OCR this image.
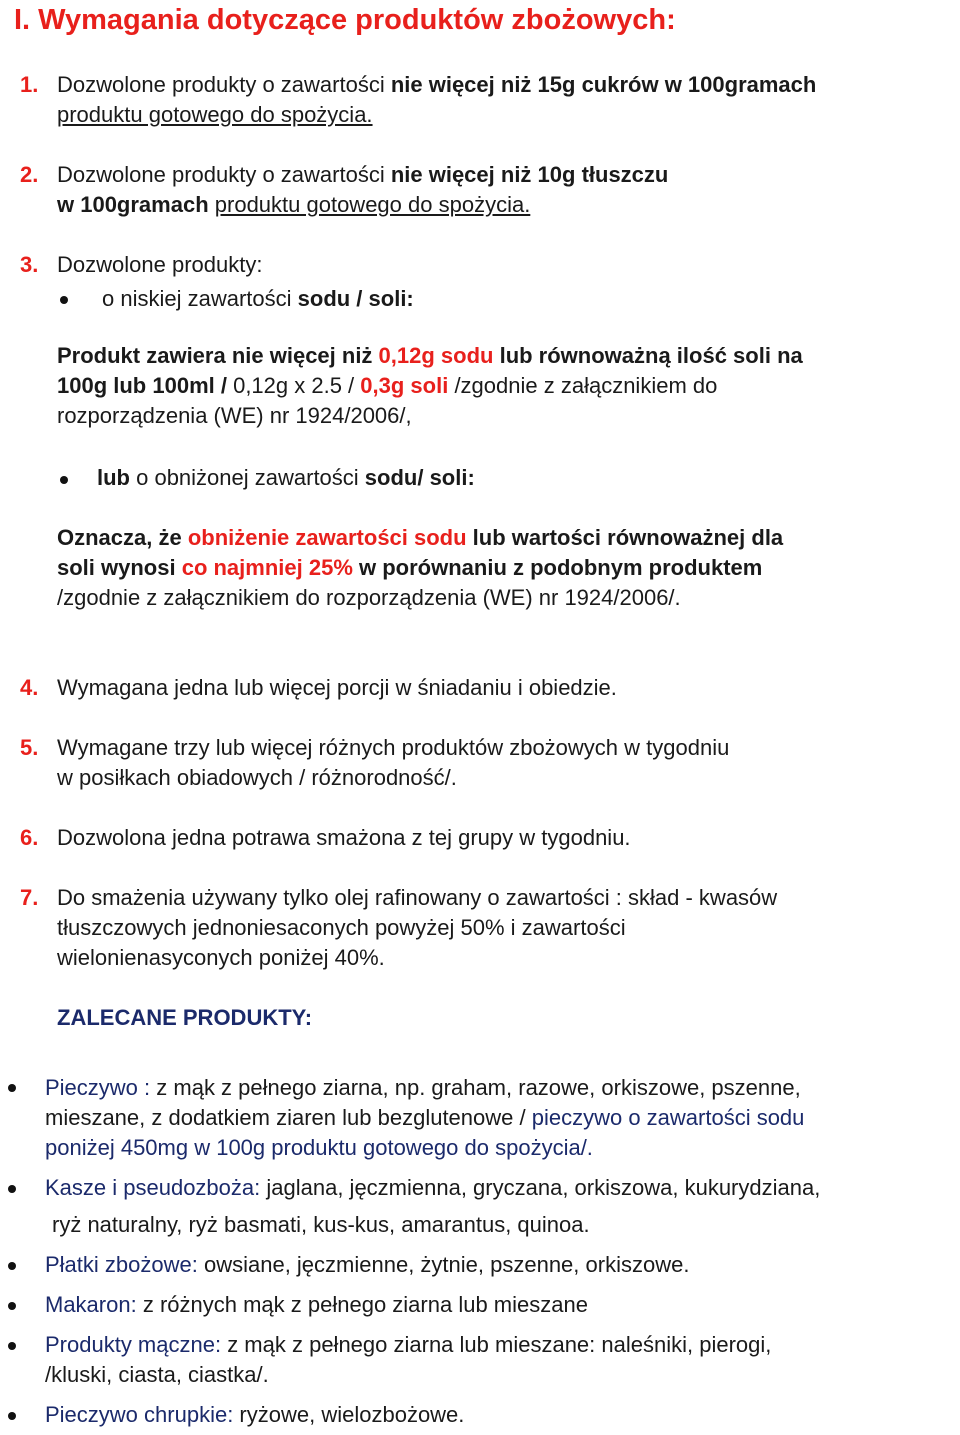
I. Wymagania dotyczące produktów zbożowych:
1. Dozwolone produkty o zawartości nie więcej niż 15g cukrów w 100gramach

produktu gotowego do spożycia.

2. Dozwolone produkty o zawartości nie więcej niż 10g tłuszczu

w 100gramach produktu gotowego do spożycia.

3. Dozwolone produkty:

o niskiej zawartości sodu / soli:

Produkt zawiera nie więcej niż 0,12g sodu lub równoważną ilość soli na

100g lub 100ml / 0,12g x 2.5 / 0,3g soli /zgodnie z załącznikiem do

rozporządzenia (WE) nr 1924/2006/,

lub o obniżonej zawartości sodu/ soli:

Oznacza, że obniżenie zawartości sodu lub wartości równoważnej dla

soli wynosi co najmniej 25% w porównaniu z podobnym produktem

/zgodnie z załącznikiem do rozporządzenia (WE) nr 1924/2006/.

4. Wymagana jedna lub więcej porcji w śniadaniu i obiedzie.

5. Wymagane trzy lub więcej różnych produktów zbożowych w tygodniu

w posiłkach obiadowych / różnorodność/.

6. Dozwolona jedna potrawa smażona z tej grupy w tygodniu.

7. Do smażenia używany tylko olej rafinowany o zawartości : skład - kwasów

tłuszczowych jednoniesaconych powyżej 50% i zawartości

wielonienasyconych poniżej 40%.

ZALECANE PRODUKTY:

Pieczywo : z mąk z pełnego ziarna, np. graham, razowe, orkiszowe, pszenne,

mieszane, z dodatkiem ziaren lub bezglutenowe / pieczywo o zawartości sodu

poniżej 450mg w 100g produktu gotowego do spożycia/.

Kasze i pseudozboża: jaglana, jęczmienna, gryczana, orkiszowa, kukurydziana,

ryż naturalny, ryż basmati, kus-kus, amarantus, quinoa.

Płatki zbożowe: owsiane, jęczmienne, żytnie, pszenne, orkiszowe.

Makaron: z różnych mąk z pełnego ziarna lub mieszane

Produkty mączne: z mąk z pełnego ziarna lub mieszane: naleśniki, pierogi,

/kluski, ciasta, ciastka/.

Pieczywo chrupkie: ryżowe, wielozbożowe.
